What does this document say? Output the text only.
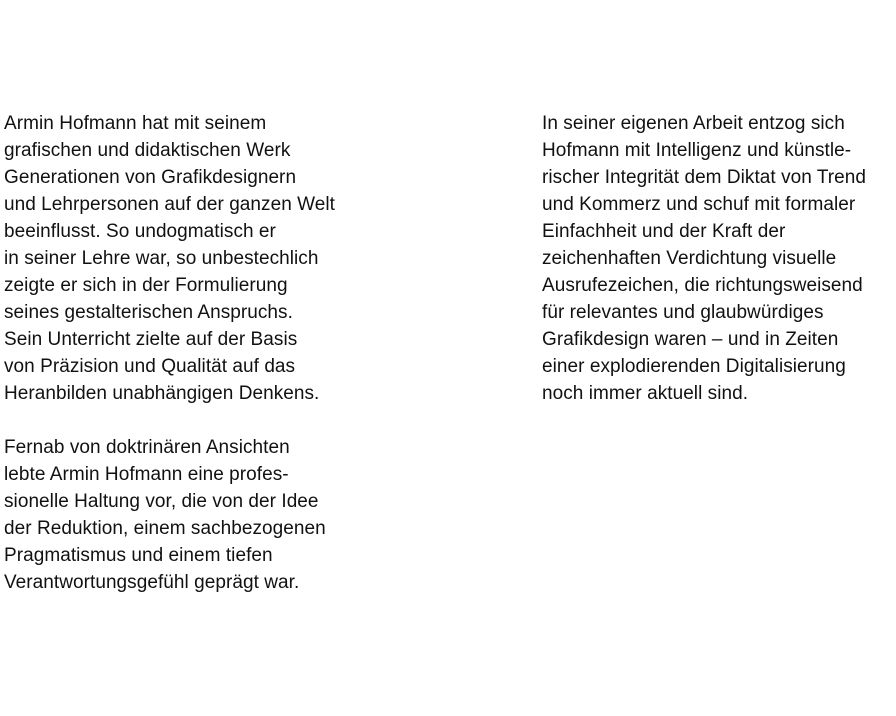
Armin Hofmann hat mit seinem
grafischen und didaktischen Werk
Generationen von Grafikdesignern
und Lehrpersonen auf der ganzen Welt
beeinflusst. So undogmatisch er
in seiner Lehre war, so unbestechlich
zeigte er sich in der Formulierung
seines gestalterischen Anspruchs.
Sein Unterricht zielte auf der Basis
von Präzision und Qualität auf das
Heranbilden unabhängigen Denkens.

Fernab von doktrinären Ansichten
lebte Armin Hofmann eine profes-
sionelle Haltung vor, die von der Idee
der Reduktion, einem sachbezogenen
Pragmatismus und einem tiefen
Verantwortungsgefühl geprägt war.

In seiner eigenen Arbeit entzog sich
Hofmann mit Intelligenz und künstle-
rischer Integrität dem Diktat von Trend
und Kommerz und schuf mit formaler
Einfachheit und der Kraft der
zeichenhaften Verdichtung visuelle
Ausrufezeichen, die richtungsweisend
für relevantes und glaubwürdiges
Grafikdesign waren – und in Zeiten
einer explodierenden Digitalisierung
noch immer aktuell sind.
